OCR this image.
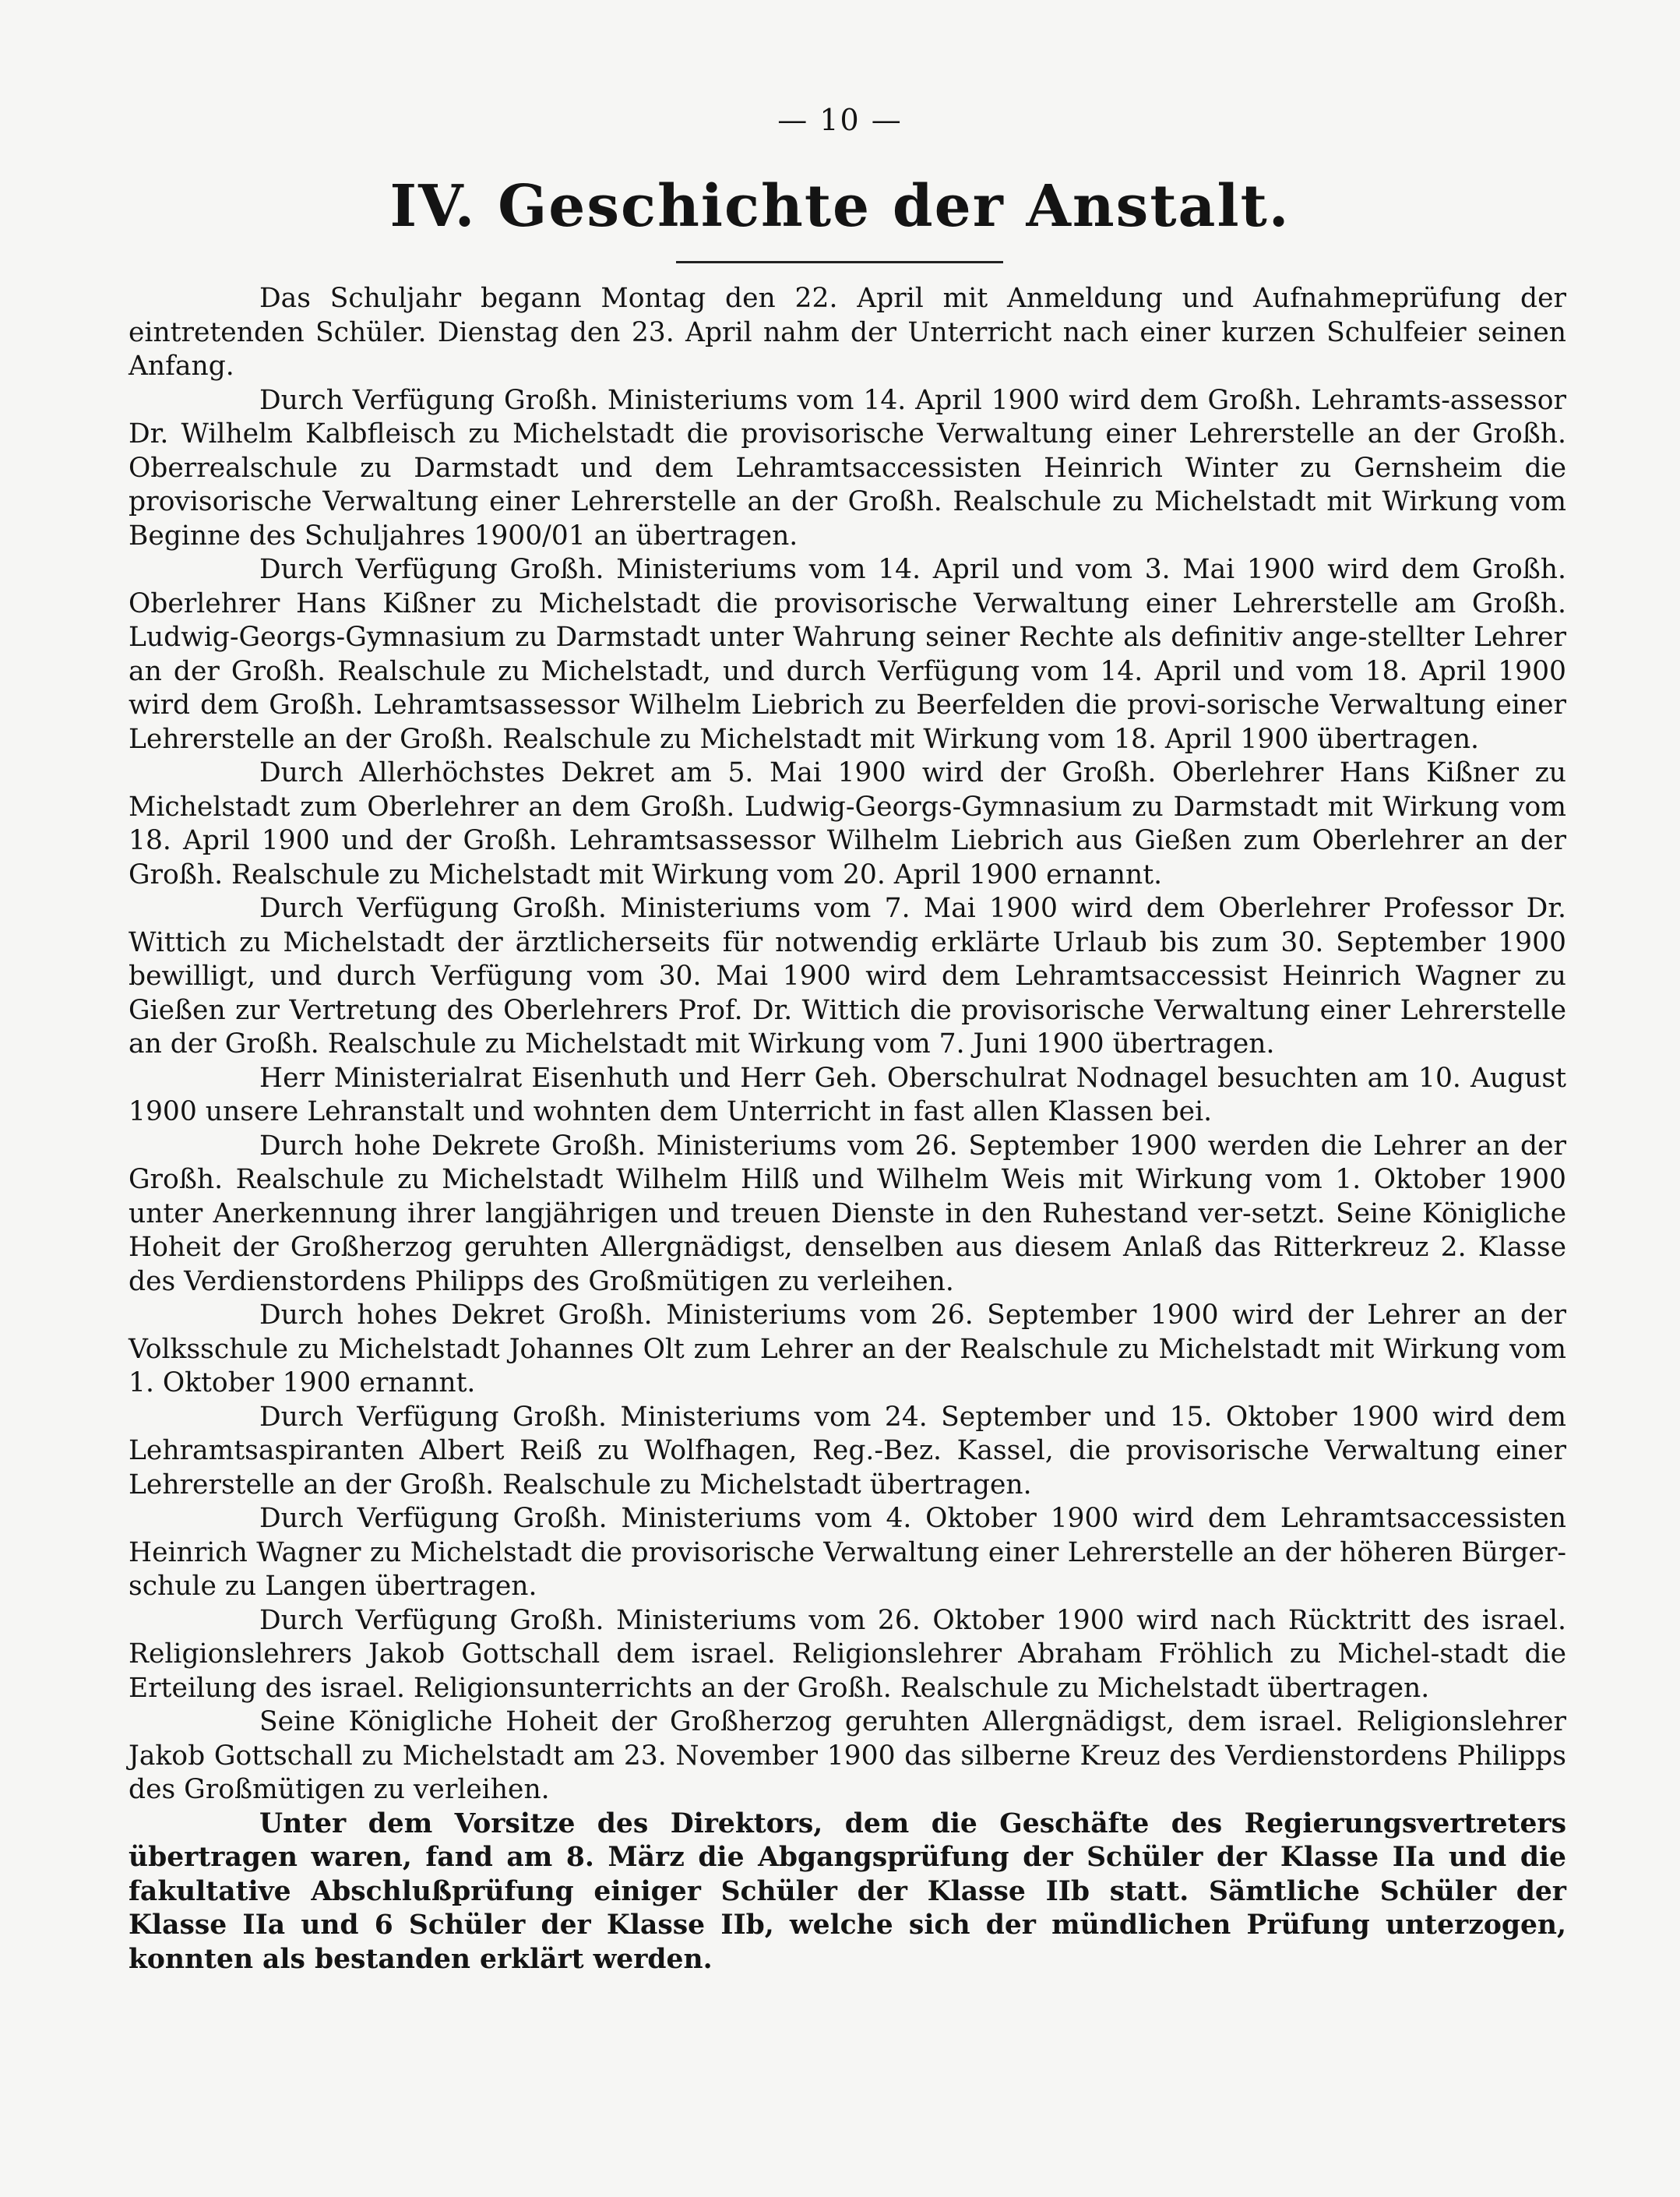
— 10 —
IV. Geschichte der Anstalt.

Das Schuljahr begann Montag den 22. April mit Anmeldung und Aufnahmeprüfung der eintretenden Schüler. Dienstag den 23. April nahm der Unterricht nach einer kurzen Schulfeier seinen Anfang.

Durch Verfügung Großh. Ministeriums vom 14. April 1900 wird dem Großh. Lehramts-assessor Dr. Wilhelm Kalbfleisch zu Michelstadt die provisorische Verwaltung einer Lehrerstelle an der Großh. Oberrealschule zu Darmstadt und dem Lehramtsaccessisten Heinrich Winter zu Gernsheim die provisorische Verwaltung einer Lehrerstelle an der Großh. Realschule zu Michelstadt mit Wirkung vom Beginne des Schuljahres 1900/01 an übertragen.

Durch Verfügung Großh. Ministeriums vom 14. April und vom 3. Mai 1900 wird dem Großh. Oberlehrer Hans Kißner zu Michelstadt die provisorische Verwaltung einer Lehrerstelle am Großh. Ludwig-Georgs-Gymnasium zu Darmstadt unter Wahrung seiner Rechte als definitiv ange-stellter Lehrer an der Großh. Realschule zu Michelstadt, und durch Verfügung vom 14. April und vom 18. April 1900 wird dem Großh. Lehramtsassessor Wilhelm Liebrich zu Beerfelden die provi-sorische Verwaltung einer Lehrerstelle an der Großh. Realschule zu Michelstadt mit Wirkung vom 18. April 1900 übertragen.

Durch Allerhöchstes Dekret am 5. Mai 1900 wird der Großh. Oberlehrer Hans Kißner zu Michelstadt zum Oberlehrer an dem Großh. Ludwig-Georgs-Gymnasium zu Darmstadt mit Wirkung vom 18. April 1900 und der Großh. Lehramtsassessor Wilhelm Liebrich aus Gießen zum Oberlehrer an der Großh. Realschule zu Michelstadt mit Wirkung vom 20. April 1900 ernannt.

Durch Verfügung Großh. Ministeriums vom 7. Mai 1900 wird dem Oberlehrer Professor Dr. Wittich zu Michelstadt der ärztlicherseits für notwendig erklärte Urlaub bis zum 30. September 1900 bewilligt, und durch Verfügung vom 30. Mai 1900 wird dem Lehramtsaccessist Heinrich Wagner zu Gießen zur Vertretung des Oberlehrers Prof. Dr. Wittich die provisorische Verwaltung einer Lehrerstelle an der Großh. Realschule zu Michelstadt mit Wirkung vom 7. Juni 1900 übertragen.

Herr Ministerialrat Eisenhuth und Herr Geh. Oberschulrat Nodnagel besuchten am 10. August 1900 unsere Lehranstalt und wohnten dem Unterricht in fast allen Klassen bei.

Durch hohe Dekrete Großh. Ministeriums vom 26. September 1900 werden die Lehrer an der Großh. Realschule zu Michelstadt Wilhelm Hilß und Wilhelm Weis mit Wirkung vom 1. Oktober 1900 unter Anerkennung ihrer langjährigen und treuen Dienste in den Ruhestand ver-setzt. Seine Königliche Hoheit der Großherzog geruhten Allergnädigst, denselben aus diesem Anlaß das Ritterkreuz 2. Klasse des Verdienstordens Philipps des Großmütigen zu verleihen.

Durch hohes Dekret Großh. Ministeriums vom 26. September 1900 wird der Lehrer an der Volksschule zu Michelstadt Johannes Olt zum Lehrer an der Realschule zu Michelstadt mit Wirkung vom 1. Oktober 1900 ernannt.

Durch Verfügung Großh. Ministeriums vom 24. September und 15. Oktober 1900 wird dem Lehramtsaspiranten Albert Reiß zu Wolfhagen, Reg.-Bez. Kassel, die provisorische Verwaltung einer Lehrerstelle an der Großh. Realschule zu Michelstadt übertragen.

Durch Verfügung Großh. Ministeriums vom 4. Oktober 1900 wird dem Lehramtsaccessisten Heinrich Wagner zu Michelstadt die provisorische Verwaltung einer Lehrerstelle an der höheren Bürger-schule zu Langen übertragen.

Durch Verfügung Großh. Ministeriums vom 26. Oktober 1900 wird nach Rücktritt des israel. Religionslehrers Jakob Gottschall dem israel. Religionslehrer Abraham Fröhlich zu Michel-stadt die Erteilung des israel. Religionsunterrichts an der Großh. Realschule zu Michelstadt übertragen.

Seine Königliche Hoheit der Großherzog geruhten Allergnädigst, dem israel. Religionslehrer Jakob Gottschall zu Michelstadt am 23. November 1900 das silberne Kreuz des Verdienstordens Philipps des Großmütigen zu verleihen.

Unter dem Vorsitze des Direktors, dem die Geschäfte des Regierungsvertreters übertragen waren, fand am 8. März die Abgangsprüfung der Schüler der Klasse IIa und die fakultative Abschlußprüfung einiger Schüler der Klasse IIb statt. Sämtliche Schüler der Klasse IIa und 6 Schüler der Klasse IIb, welche sich der mündlichen Prüfung unterzogen, konnten als bestanden erklärt werden.
